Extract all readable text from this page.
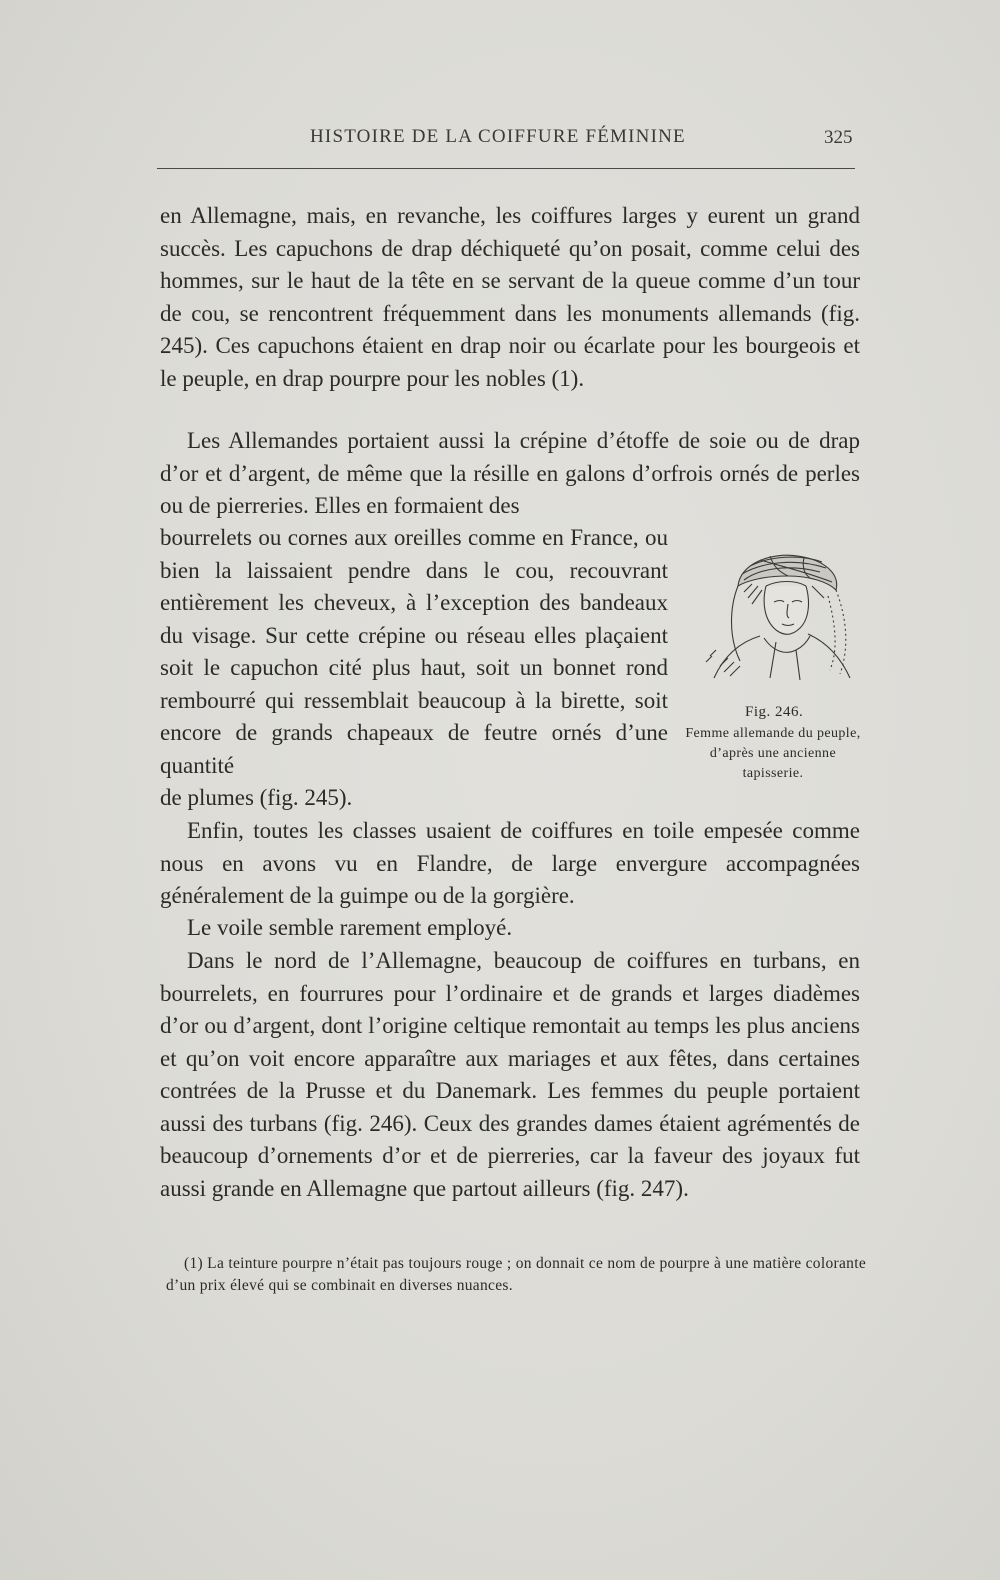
HISTOIRE DE LA COIFFURE FÉMININE	325

en Allemagne, mais, en revanche, les coiffures larges y eurent un grand succès. Les capuchons de drap déchiqueté qu’on posait, comme celui des hommes, sur le haut de la tête en se servant de la queue comme d’un tour de cou, se rencontrent fréquemment dans les monuments allemands (fig. 245). Ces capuchons étaient en drap noir ou écarlate pour les bourgeois et le peuple, en drap pourpre pour les nobles (1).

Les Allemandes portaient aussi la crépine d’étoffe de soie ou de drap d’or et d’argent, de même que la résille en galons d’orfrois ornés de perles ou de pierreries. Elles en formaient des

bourrelets ou cornes aux oreilles comme en France, ou bien la laissaient pendre dans le cou, recouvrant entièrement les cheveux, à l’exception des bandeaux du visage. Sur cette crépine ou réseau elles plaçaient soit le capuchon cité plus haut, soit un bonnet rond rembourré qui ressemblait beaucoup à la birette, soit encore de grands chapeaux de feutre ornés d’une quantité

de plumes (fig. 245).

Fig. 246.
Femme allemande du peuple, d’après une ancienne tapisserie.

Enfin, toutes les classes usaient de coiffures en toile empesée comme nous en avons vu en Flandre, de large envergure accompagnées généralement de la guimpe ou de la gorgière.

Le voile semble rarement employé.

Dans le nord de l’Allemagne, beaucoup de coiffures en turbans, en bourrelets, en fourrures pour l’ordinaire et de grands et larges diadèmes d’or ou d’argent, dont l’origine celtique remontait au temps les plus anciens et qu’on voit encore apparaître aux mariages et aux fêtes, dans certaines contrées de la Prusse et du Danemark. Les femmes du peuple portaient aussi des turbans (fig. 246). Ceux des grandes dames étaient agrémentés de beaucoup d’ornements d’or et de pierreries, car la faveur des joyaux fut aussi grande en Allemagne que partout ailleurs (fig. 247).

(1) La teinture pourpre n’était pas toujours rouge ; on donnait ce nom de pourpre à une matière colorante d’un prix élevé qui se combinait en diverses nuances.
